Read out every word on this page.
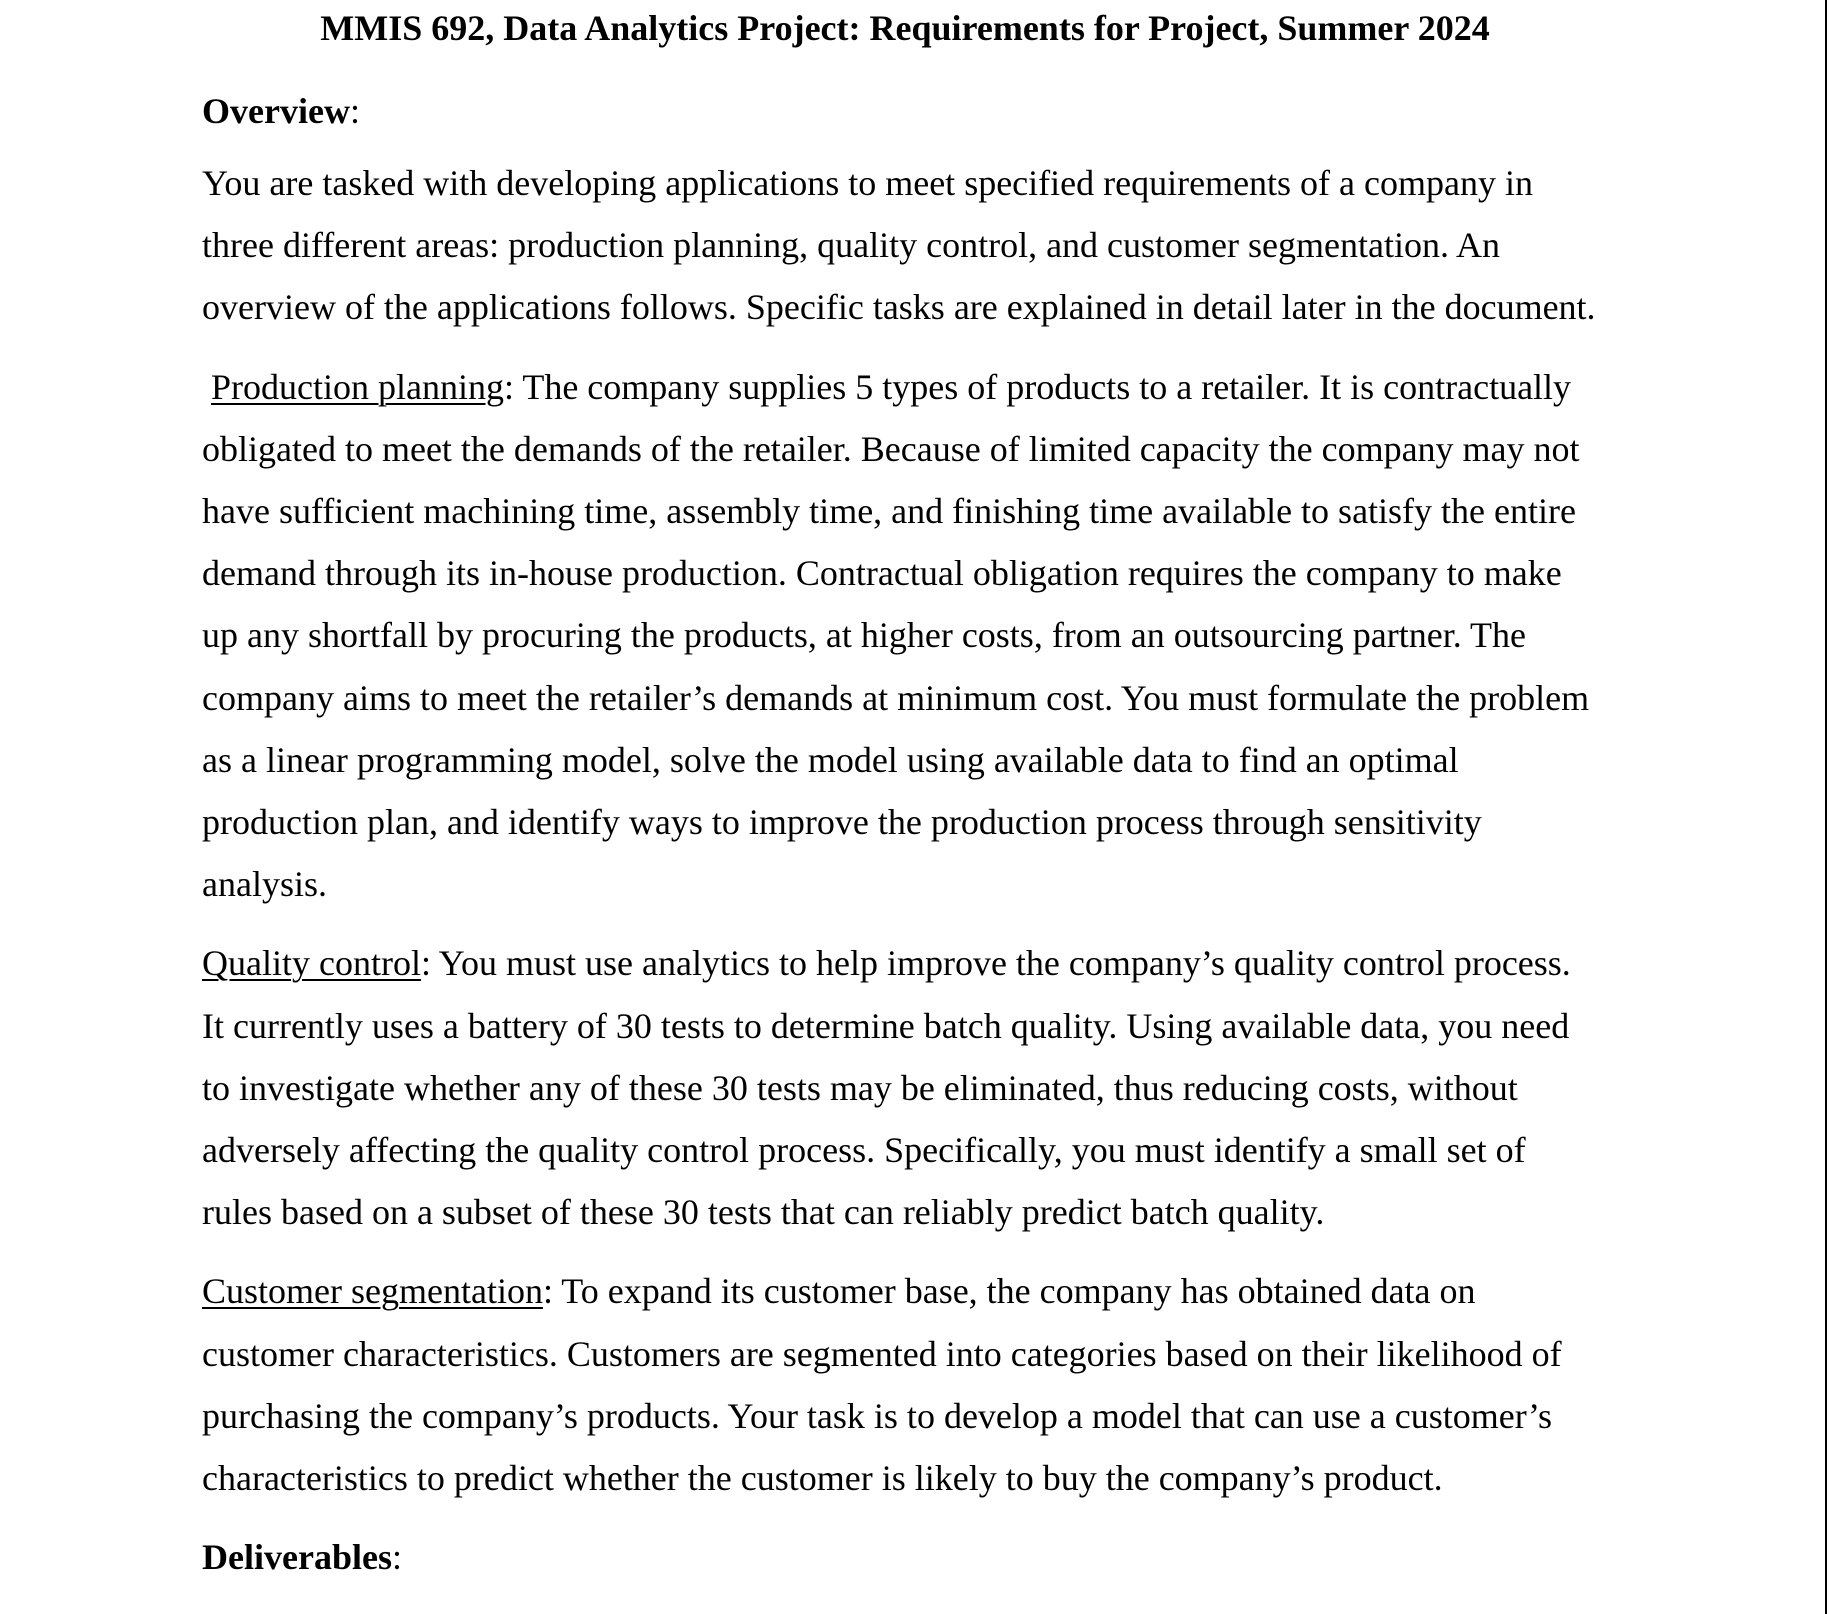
MMIS 692, Data Analytics Project: Requirements for Project, Summer 2024

Overview:

You are tasked with developing applications to meet specified requirements of a company in
three different areas: production planning, quality control, and customer segmentation. An
overview of the applications follows. Specific tasks are explained in detail later in the document.

Production planning: The company supplies 5 types of products to a retailer. It is contractually
obligated to meet the demands of the retailer. Because of limited capacity the company may not
have sufficient machining time, assembly time, and finishing time available to satisfy the entire
demand through its in-house production. Contractual obligation requires the company to make
up any shortfall by procuring the products, at higher costs, from an outsourcing partner. The
company aims to meet the retailer’s demands at minimum cost. You must formulate the problem
as a linear programming model, solve the model using available data to find an optimal
production plan, and identify ways to improve the production process through sensitivity
analysis.

Quality control: You must use analytics to help improve the company’s quality control process.
It currently uses a battery of 30 tests to determine batch quality. Using available data, you need
to investigate whether any of these 30 tests may be eliminated, thus reducing costs, without
adversely affecting the quality control process. Specifically, you must identify a small set of
rules based on a subset of these 30 tests that can reliably predict batch quality.

Customer segmentation: To expand its customer base, the company has obtained data on
customer characteristics. Customers are segmented into categories based on their likelihood of
purchasing the company’s products. Your task is to develop a model that can use a customer’s
characteristics to predict whether the customer is likely to buy the company’s product.

Deliverables:
